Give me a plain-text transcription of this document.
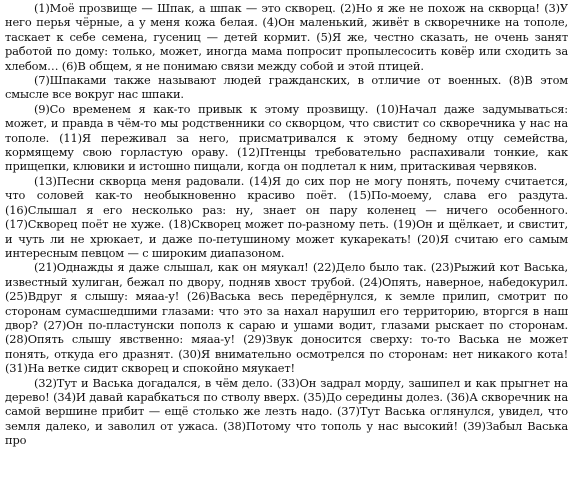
(1)Моё прозвище — Шпак, а шпак — это скворец. (2)Но я же не похож на скворца! (3)У него перья чёрные, а у меня кожа белая. (4)Он маленький, живёт в скворечнике на тополе, таскает к себе семена, гусениц — детей кормит. (5)Я же, честно сказать, не очень занят работой по дому: только, может, иногда мама попросит пропылесосить ковёр или сходить за хлебом… (6)В общем, я не понимаю связи между собой и этой птицей.

(7)Шпаками также называют людей гражданских, в отличие от военных. (8)В этом смысле все вокруг нас шпаки.

(9)Со временем я как-то привык к этому прозвищу. (10)Начал даже задумываться: может, и правда в чём-то мы родственники со скворцом, что свистит со скворечника у нас на тополе. (11)Я переживал за него, присматривался к этому бедному отцу семейства, кормящему свою горластую ораву. (12)Птенцы требовательно распахивали тонкие, как прищепки, клювики и истошно пищали, когда он подлетал к ним, притаскивая червяков.

(13)Песни скворца меня радовали. (14)Я до сих пор не могу понять, почему считается, что соловей как-то необыкновенно красиво поёт. (15)По-моему, слава его раздута. (16)Слышал я его несколько раз: ну, знает он пару коленец — ничего особенного. (17)Скворец поёт не хуже. (18)Скворец может по-разному петь. (19)Он и щёлкает, и свистит, и чуть ли не хрюкает, и даже по-петушиному может кукарекать! (20)Я считаю его самым интересным певцом — с широким диапазоном.

(21)Однажды я даже слышал, как он мяукал! (22)Дело было так. (23)Рыжий кот Васька, известный хулиган, бежал по двору, подняв хвост трубой. (24)Опять, наверное, набедокурил. (25)Вдруг я слышу: мяаа-у! (26)Васька весь передёрнулся, к земле прилип, смотрит по сторонам сумасшедшими глазами: что это за нахал нарушил его территорию, вторгся в наш двор? (27)Он по-пластунски пополз к сараю и ушами водит, глазами рыскает по сторонам. (28)Опять слышу явственно: мяаа-у! (29)Звук доносится сверху: то-то Васька не может понять, откуда его дразнят. (30)Я внимательно осмотрелся по сторонам: нет никакого кота! (31)На ветке сидит скворец и спокойно мяукает!

(32)Тут и Васька догадался, в чём дело. (33)Он задрал морду, зашипел и как прыгнет на дерево! (34)И давай карабкаться по стволу вверх. (35)До середины долез. (36)А скворечник на самой вершине прибит — ещё столько же лезть надо. (37)Тут Васька оглянулся, увидел, что земля далеко, и заволил от ужаса. (38)Потому что тополь у нас высокий! (39)Забыл Васька про
